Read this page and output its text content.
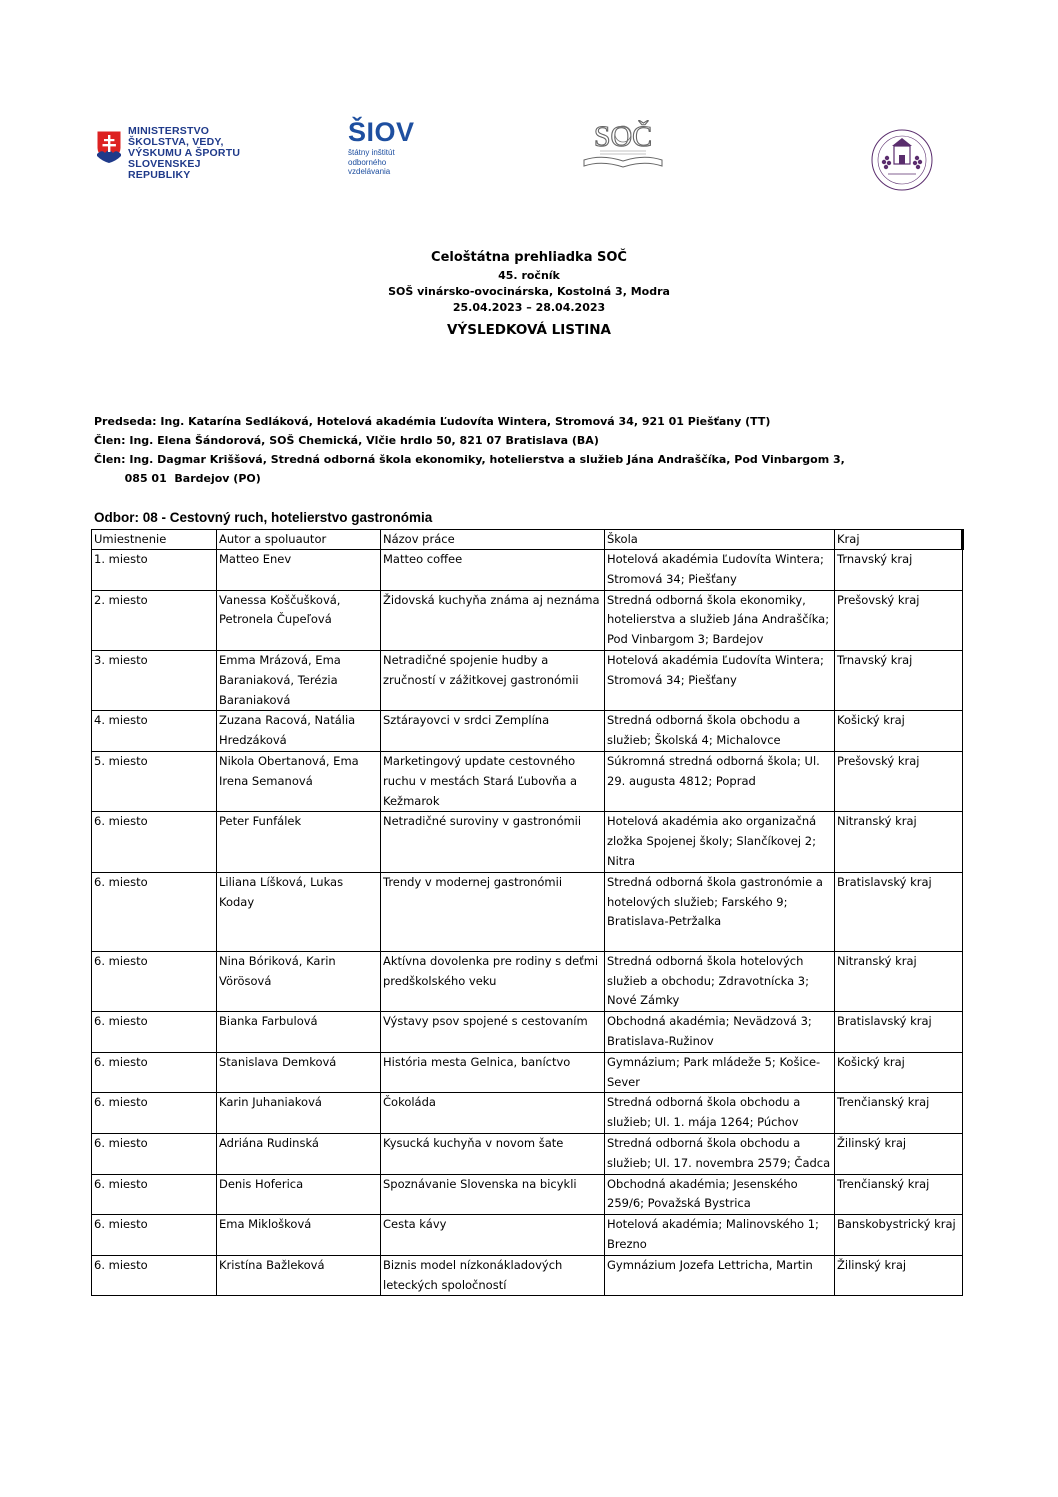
MINISTERSTVO
ŠKOLSTVA, VEDY,
VÝSKUMU A ŠPORTU
SLOVENSKEJ REPUBLIKY
ŠIOV
štátny inštitút
odborného
vzdelávania
SOČ
Celoštátna prehliadka SOČ
45. ročník
SOŠ vinársko-ovocinárska, Kostolná 3, Modra
25.04.2023 – 28.04.2023
VÝSLEDKOVÁ LISTINA
Predseda: Ing. Katarína Sedláková, Hotelová akadémia Ľudovíta Wintera, Stromová 34, 921 01 Piešťany (TT)
Člen: Ing. Elena Šándorová, SOŠ Chemická, Vlčie hrdlo 50, 821 07 Bratislava (BA)
Člen: Ing. Dagmar Kriššová, Stredná odborná škola ekonomiky, hotelierstva a služieb Jána Andraščíka, Pod Vinbargom 3,
085 01  Bardejov (PO)
Odbor: 08 - Cestovný ruch, hotelierstvo gastronómia
Umiestnenie	Autor a spoluautor	Názov práce	Škola	Kraj
1. miesto	Matteo Enev	Matteo coffee	Hotelová akadémia Ľudovíta Wintera; Stromová 34; Piešťany	Trnavský kraj
2. miesto	Vanessa Koščušková, Petronela Čupeľová	Židovská kuchyňa známa aj neznáma	Stredná odborná škola ekonomiky, hotelierstva a služieb Jána Andraščíka; Pod Vinbargom 3; Bardejov	Prešovský kraj
3. miesto	Emma Mrázová, Ema Baraniaková, Terézia Baraniaková	Netradičné spojenie hudby a zručností v zážitkovej gastronómii	Hotelová akadémia Ľudovíta Wintera; Stromová 34; Piešťany	Trnavský kraj
4. miesto	Zuzana Racová, Natália Hredzáková	Sztárayovci v srdci Zemplína	Stredná odborná škola obchodu a služieb; Školská 4; Michalovce	Košický kraj
5. miesto	Nikola Obertanová, Ema Irena Semanová	Marketingový update cestovného ruchu v mestách Stará Ľubovňa a Kežmarok	Súkromná stredná odborná škola; Ul. 29. augusta 4812; Poprad	Prešovský kraj
6. miesto	Peter Funfálek	Netradičné suroviny v gastronómii	Hotelová akadémia ako organizačná zložka Spojenej školy; Slančíkovej 2; Nitra	Nitranský kraj
6. miesto	Liliana Líšková, Lukas Koday	Trendy v modernej gastronómii	Stredná odborná škola gastronómie a hotelových služieb; Farského 9; Bratislava-Petržalka	Bratislavský kraj
6. miesto	Nina Bóriková, Karin Vörösová	Aktívna dovolenka pre rodiny s deťmi predškolského veku	Stredná odborná škola hotelových služieb a obchodu; Zdravotnícka 3; Nové Zámky	Nitranský kraj
6. miesto	Bianka Farbulová	Výstavy psov spojené s cestovaním	Obchodná akadémia; Nevädzová 3; Bratislava-Ružinov	Bratislavský kraj
6. miesto	Stanislava Demková	História mesta Gelnica, baníctvo	Gymnázium; Park mládeže 5; Košice-Sever	Košický kraj
6. miesto	Karin Juhaniaková	Čokoláda	Stredná odborná škola obchodu a služieb; Ul. 1. mája 1264; Púchov	Trenčianský kraj
6. miesto	Adriána Rudinská	Kysucká kuchyňa v novom šate	Stredná odborná škola obchodu a služieb; Ul. 17. novembra 2579; Čadca	Žilinský kraj
6. miesto	Denis Hoferica	Spoznávanie Slovenska na bicykli	Obchodná akadémia; Jesenského 259/6; Považská Bystrica	Trenčianský kraj
6. miesto	Ema Miklošková	Cesta kávy	Hotelová akadémia; Malinovského 1; Brezno	Banskobystrický kraj
6. miesto	Kristína Bažleková	Biznis model nízkonákladových leteckých spoločností	Gymnázium Jozefa Lettricha, Martin	Žilinský kraj
